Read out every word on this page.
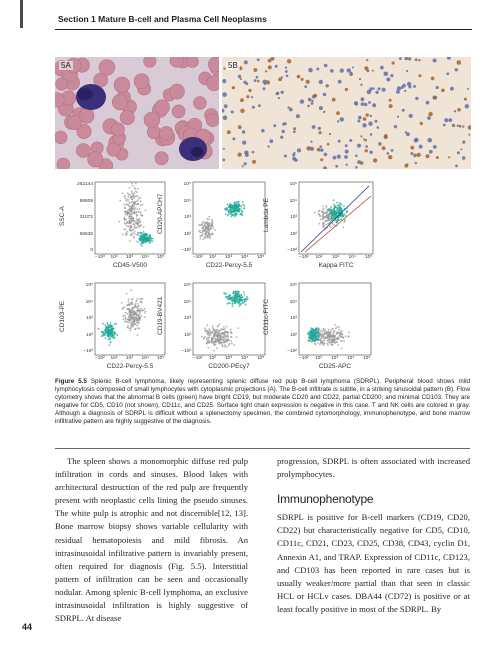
Section 1 Mature B-cell and Plasma Cell Neoplasms
5A	5B
262144
98608
31072
65536
0
−10³ 10³ 10³ 10⁴ 10⁵
SSC-A
CD45-V500
10⁵
10⁴
10³
10²
−10²
−10² 10² 10³ 10⁴ 10⁵
CD20-APCH7
CD22-Percy-5.5
10⁵
10⁴
10³
10²
−10²
−10² 10² 10³ 10⁴ 10⁵
Lambda PE
Kappa FITC
10⁵
10⁴
10³
10²
−10²
−10² 10² 10³ 10⁴ 10⁵
CD103-PE
CD22-Percy-5.5
10⁵
10⁴
10³
10²
−10²
−10² 10² 10³ 10⁴ 10⁵
CD19-BV421
CD200-PEcy7
10⁵
10⁴
10³
10²
−10²
−10² 10² 10³ 10⁴ 10⁵
CD11c-FITC
CD25-APC
Figure 5.5 Splenic B-cell lymphoma, likely representing splenic diffuse red pulp B-cell lymphoma (SDRPL). Peripheral blood shows mild lymphocytosis composed of small lymphocytes with cytoplasmic projections (A). The B-cell infiltrate is subtle, in a striking sinusoidal pattern (B). Flow cytometry shows that the abnormal B cells (green) have bright CD19, but moderate CD20 and CD22, partial CD200, and minimal CD103. They are negative for CD5, CD10 (not shown), CD11c, and CD25. Surface light chain expression is negative in this case. T and NK cells are colored in gray. Although a diagnosis of SDRPL is difficult without a splenectomy specimen, the combined cytomorphology, immunophenotype, and bone marrow infiltrative pattern are highly suggestive of the diagnosis.

The spleen shows a monomorphic diffuse red pulp infiltration in cords and sinuses. Blood lakes with architectural destruction of the red pulp are frequently present with neoplastic cells lining the pseudo sinuses. The white pulp is atrophic and not discernible[12, 13]. Bone marrow biopsy shows variable cellularity with residual hematopoiesis and mild fibrosis. An intrasinusoidal infiltrative pattern is invariably present, often required for diagnosis (Fig. 5.5). Interstitial pattern of infiltration can be seen and occasionally nodular. Among splenic B-cell lymphoma, an exclusive intrasinusoidal infiltration is highly suggestive of SDRPL. At disease

progression, SDRPL is often associated with increased prolymphocytes.

Immunophenotype

SDRPL is positive for B-cell markers (CD19, CD20, CD22) but characteristically negative for CD5, CD10, CD11c, CD21, CD23, CD25, CD38, CD43, cyclin D1, Annexin A1, and TRAP. Expression of CD11c, CD123, and CD103 has been reported in rare cases but is usually weaker/more partial than that seen in classic HCL or HCLv cases. DBA44 (CD72) is positive or at least focally positive in most of the SDRPL. By

44
